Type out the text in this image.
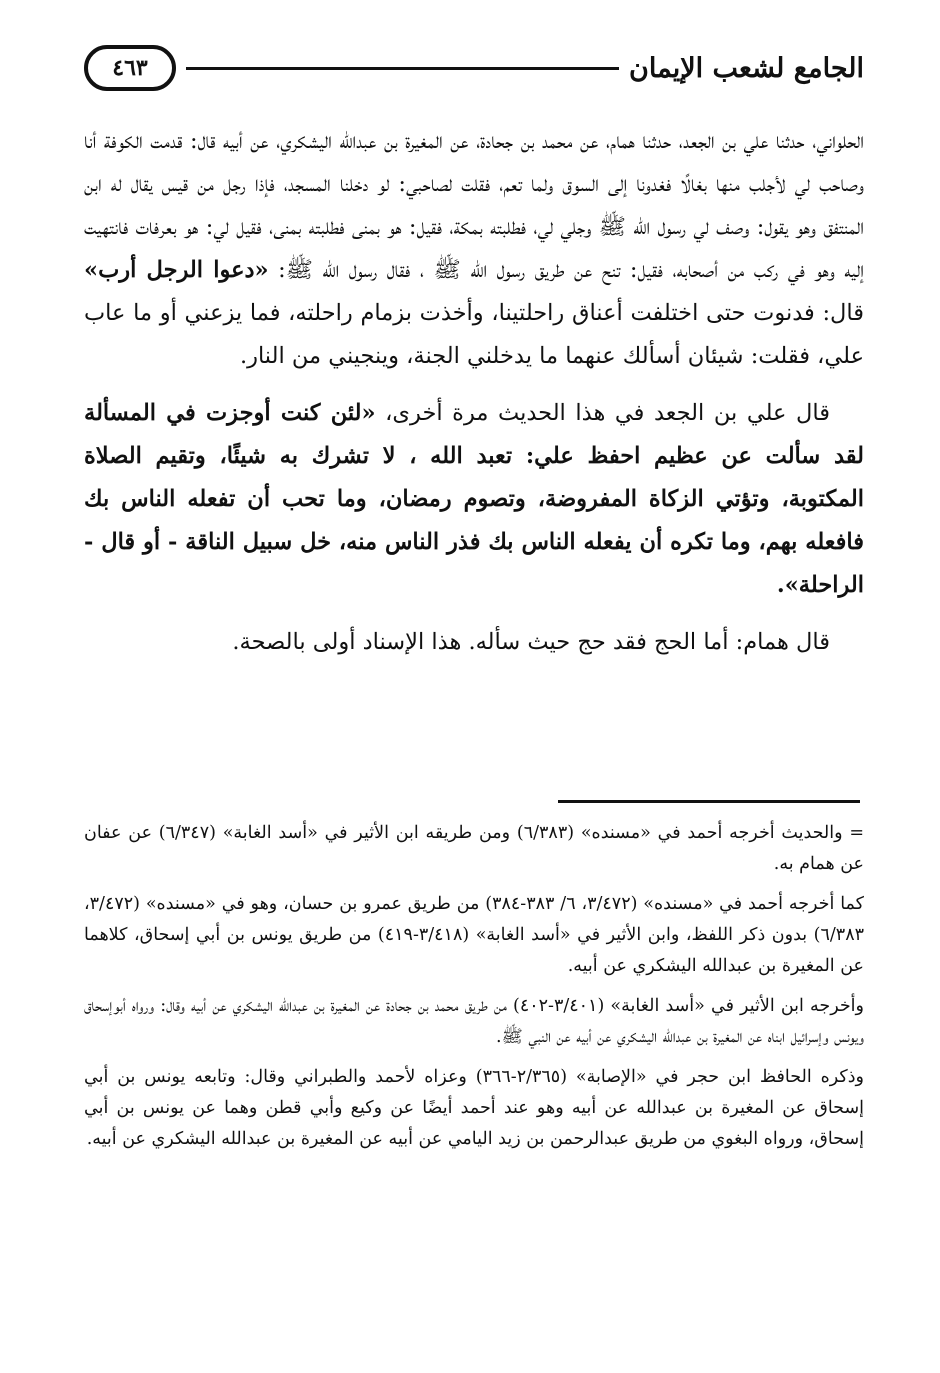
الجامع لشعب الإيمان
٤٦٣

الحلواني، حدثنا علي بن الجعد، حدثنا همام، عن محمد بن جحادة، عن المغيرة بن عبدالله اليشكري، عن أبيه قال: قدمت الكوفة أنا وصاحب لي لأجلب منها بغالًا فغدونا إلى السوق ولما تعم، فقلت لصاحبي: لو دخلنا المسجد، فإذا رجل من قيس يقال له ابن المنتفق وهو يقول: وصف لي رسول الله ﷺ وجلي لي، فطلبته بمكة، فقيل: هو بمنى فطلبته بمنى، فقيل لي: هو بعرفات فانتهيت إليه وهو في ركب من أصحابه، فقيل: تنح عن طريق رسول الله ﷺ ، فقال رسول الله ﷺ: «دعوا الرجل أرب» قال: فدنوت حتى اختلفت أعناق راحلتينا، وأخذت بزمام راحلته، فما يزعني أو ما عاب علي، فقلت: شيئان أسألك عنهما ما يدخلني الجنة، وينجيني من النار.

قال علي بن الجعد في هذا الحديث مرة أخرى، «لئن كنت أوجزت في المسألة لقد سألت عن عظيم احفظ علي: تعبد الله ، لا تشرك به شيئًا، وتقيم الصلاة المكتوبة، وتؤتي الزكاة المفروضة، وتصوم رمضان، وما تحب أن تفعله الناس بك فافعله بهم، وما تكره أن يفعله الناس بك فذر الناس منه، خل سبيل الناقة - أو قال - الراحلة».

قال همام: أما الحج فقد حج حيث سأله. هذا الإسناد أولى بالصحة.

= والحديث أخرجه أحمد في «مسنده» (٦/٣٨٣) ومن طريقه ابن الأثير في «أسد الغابة» (٦/٣٤٧) عن عفان عن همام به.

كما أخرجه أحمد في «مسنده» (٣/٤٧٢، ٦/ ٣٨٣-٣٨٤) من طريق عمرو بن حسان، وهو في «مسنده» (٣/٤٧٢، ٦/٣٨٣) بدون ذكر اللفظ، وابن الأثير في «أسد الغابة» (٣/٤١٨-٤١٩) من طريق يونس بن أبي إسحاق، كلاهما عن المغيرة بن عبدالله اليشكري عن أبيه.

وأخرجه ابن الأثير في «أسد الغابة» (٣/٤٠١-٤٠٢) من طريق محمد بن جحادة عن المغيرة بن عبدالله اليشكري عن أبيه وقال: ورواه أبوإسحاق ويونس وإسرائيل ابناه عن المغيرة بن عبدالله اليشكري عن أبيه عن النبي ﷺ.

وذكره الحافظ ابن حجر في «الإصابة» (٢/٣٦٥-٣٦٦) وعزاه لأحمد والطبراني وقال: وتابعه يونس بن أبي إسحاق عن المغيرة بن عبدالله عن أبيه وهو عند أحمد أيضًا عن وكيع وأبي قطن وهما عن يونس بن أبي إسحاق، ورواه البغوي من طريق عبدالرحمن بن زيد اليامي عن أبيه عن المغيرة بن عبدالله اليشكري عن أبيه.
